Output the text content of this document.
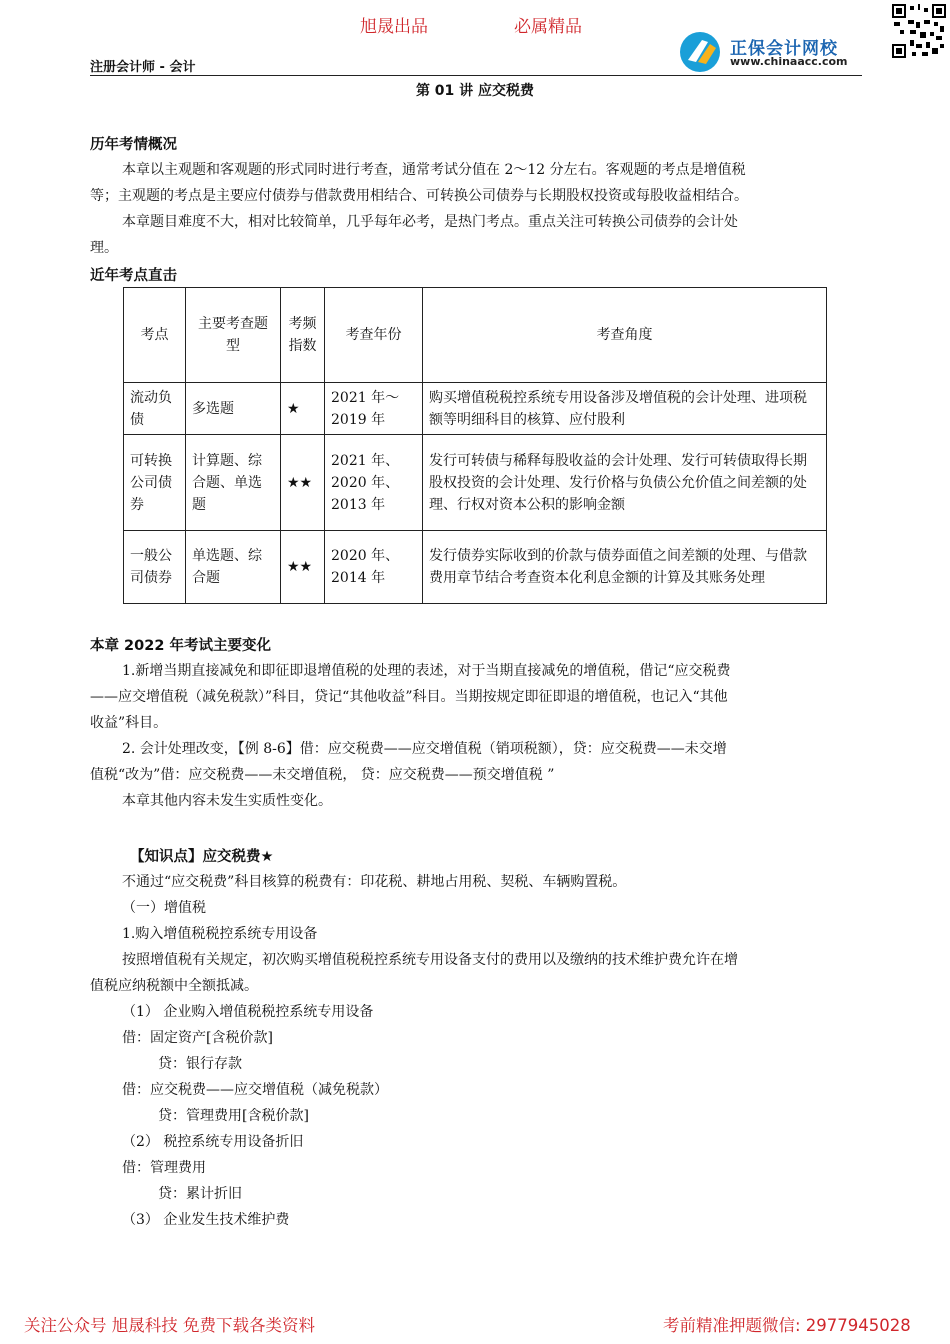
旭晟出品	必属精品
正保会计网校
www.chinaacc.com
注册会计师 - 会计
第 01 讲 应交税费
历年考情概况
本章以主观题和客观题的形式同时进行考查，通常考试分值在 2～12 分左右。客观题的考点是增值税
等；主观题的考点是主要应付债券与借款费用相结合、可转换公司债券与长期股权投资或每股收益相结合。
本章题目难度不大，相对比较简单，几乎每年必考，是热门考点。重点关注可转换公司债券的会计处
理。
近年考点直击
考点	主要考查题型	考频指数	考查年份	考查角度
流动负债	多选题	★	2021 年～2019 年	购买增值税税控系统专用设备涉及增值税的会计处理、进项税额等明细科目的核算、应付股利
可转换公司债券	计算题、综合题、单选题	★★	2021 年、2020 年、2013 年	发行可转债与稀释每股收益的会计处理、发行可转债取得长期股权投资的会计处理、发行价格与负债公允价值之间差额的处理、行权对资本公积的影响金额
一般公司债券	单选题、综合题	★★	2020 年、2014 年	发行债券实际收到的价款与债券面值之间差额的处理、与借款费用章节结合考查资本化利息金额的计算及其账务处理
本章 2022 年考试主要变化
1.新增当期直接减免和即征即退增值税的处理的表述，对于当期直接减免的增值税，借记“应交税费
——应交增值税（减免税款）”科目，贷记“其他收益”科目。当期按规定即征即退的增值税，也记入“其他
收益”科目。
2. 会计处理改变，【例 8-6】借：应交税费——应交增值税（销项税额），贷：应交税费——未交增
值税“改为”借：应交税费——未交增值税， 贷：应交税费——预交增值税 ”
本章其他内容未发生实质性变化。
【知识点】应交税费★
不通过“应交税费”科目核算的税费有：印花税、耕地占用税、契税、车辆购置税。
（一）增值税
1.购入增值税税控系统专用设备
按照增值税有关规定，初次购买增值税税控系统专用设备支付的费用以及缴纳的技术维护费允许在增
值税应纳税额中全额抵减。
（1） 企业购入增值税税控系统专用设备
借：固定资产[含税价款]
贷：银行存款
借：应交税费——应交增值税（减免税款）
贷：管理费用[含税价款]
（2） 税控系统专用设备折旧
借：管理费用
贷：累计折旧
（3） 企业发生技术维护费
关注公众号 旭晟科技 免费下载各类资料	考前精准押题微信: 2977945028
